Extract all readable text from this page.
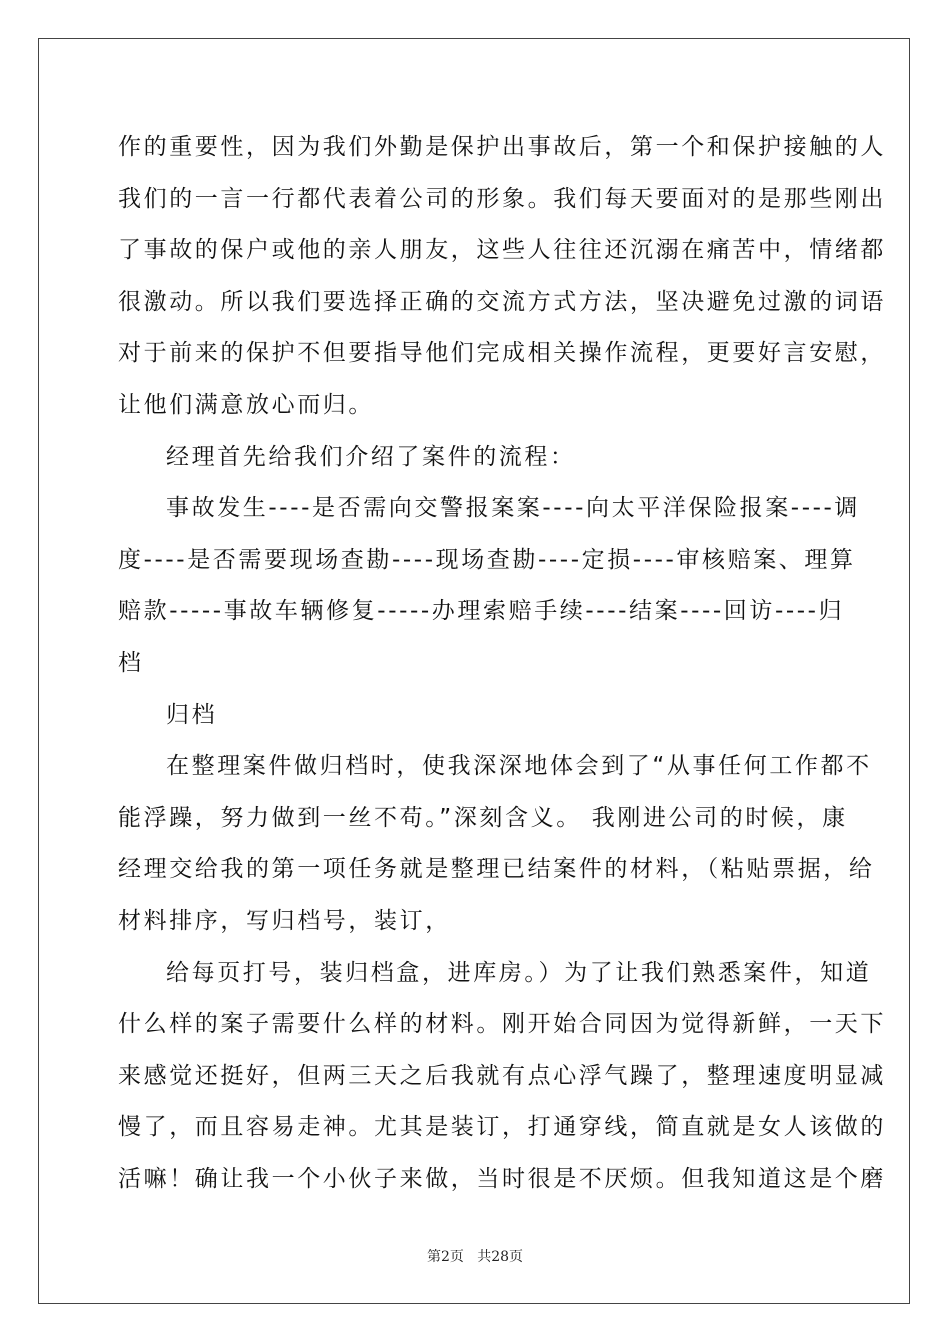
作的重要性，因为我们外勤是保护出事故后，第一个和保护接触的人
我们的一言一行都代表着公司的形象。我们每天要面对的是那些刚出
了事故的保户或他的亲人朋友，这些人往往还沉溺在痛苦中，情绪都
很激动。所以我们要选择正确的交流方式方法，坚决避免过激的词语
对于前来的保护不但要指导他们完成相关操作流程，更要好言安慰，
让他们满意放心而归。
经理首先给我们介绍了案件的流程：
事故发生----是否需向交警报案案----向太平洋保险报案----调
度----是否需要现场查勘----现场查勘----定损----审核赔案、理算
赔款-----事故车辆修复-----办理索赔手续----结案----回访----归
档
归档
在整理案件做归档时，使我深深地体会到了“从事任何工作都不
能浮躁，努力做到一丝不苟。”深刻含义。 我刚进公司的时候，康
经理交给我的第一项任务就是整理已结案件的材料，（粘贴票据，给
材料排序，写归档号，装订，
给每页打号，装归档盒，进库房。）为了让我们熟悉案件，知道
什么样的案子需要什么样的材料。刚开始合同因为觉得新鲜，一天下
来感觉还挺好，但两三天之后我就有点心浮气躁了，整理速度明显减
慢了，而且容易走神。尤其是装订，打通穿线，简直就是女人该做的
活嘛！确让我一个小伙子来做，当时很是不厌烦。但我知道这是个磨
第2页   共28页
